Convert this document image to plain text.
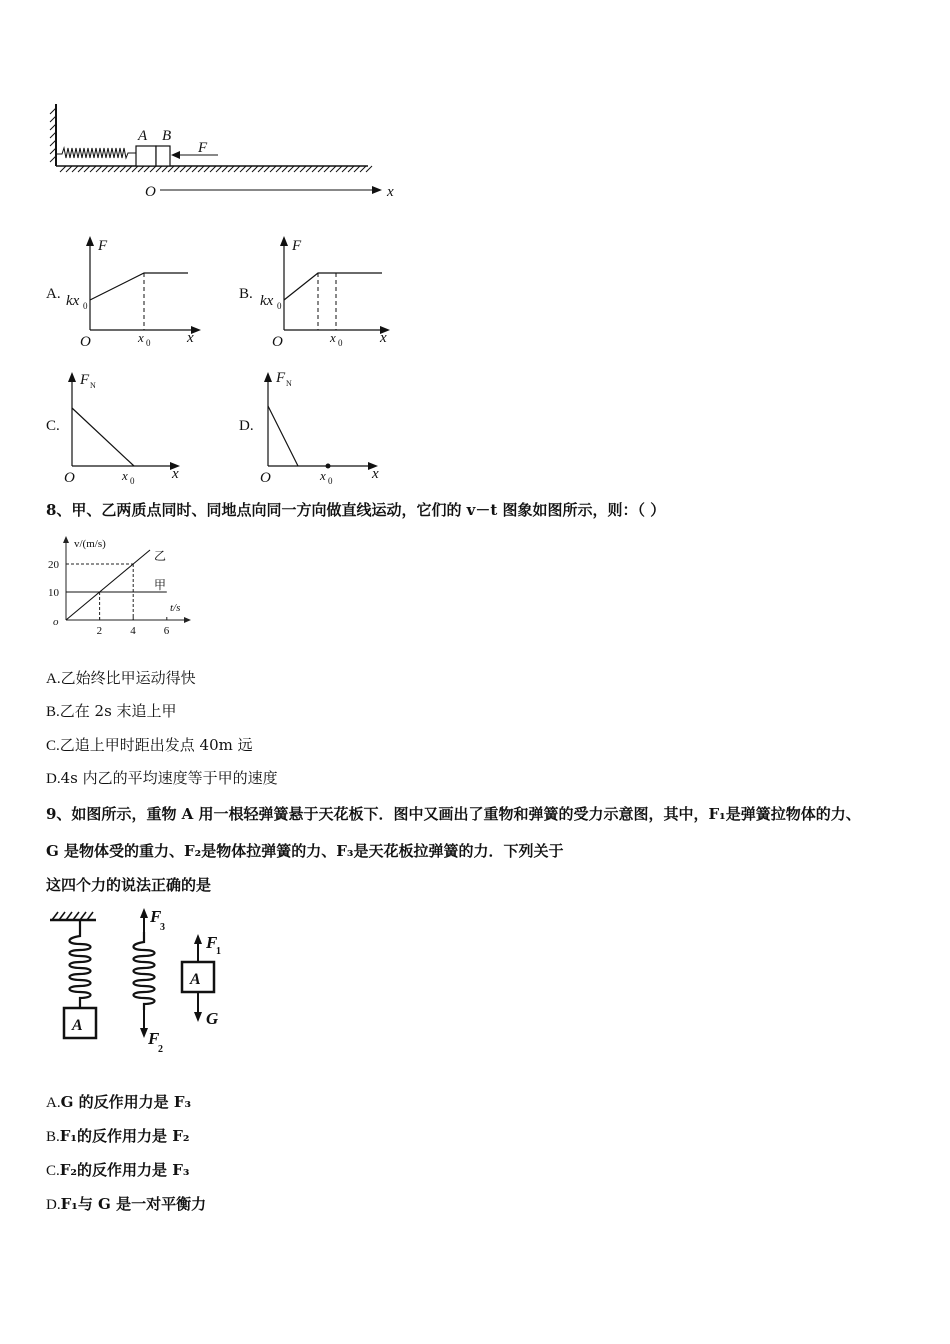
A B
F
O	x
A.
F
kx 0
O	x 0 x
B.
F
kx 0
O	x 0	x
C.
F N
O	x 0	x
D.
F N
O	x 0	x
8、甲、乙两质点同时、同地点向同一方向做直线运动，它们的 v－t 图象如图所示，则：（ ）
v/(m/s)
t/s
o
20
10
2	4	6
乙
甲
A.乙始终比甲运动得快
B.乙在 2s 末追上甲
C.乙追上甲时距出发点 40m 远
D.4s 内乙的平均速度等于甲的速度
9、如图所示，重物 A 用一根轻弹簧悬于天花板下．图中又画出了重物和弹簧的受力示意图，其中，F₁是弹簧拉物体的力、
G 是物体受的重力、F₂是物体拉弹簧的力、F₃是天花板拉弹簧的力．下列关于
这四个力的说法正确的是
A
F
3
F
2
A
F
1
G
A.G 的反作用力是 F₃
B.F₁的反作用力是 F₂
C.F₂的反作用力是 F₃
D.F₁与 G 是一对平衡力
